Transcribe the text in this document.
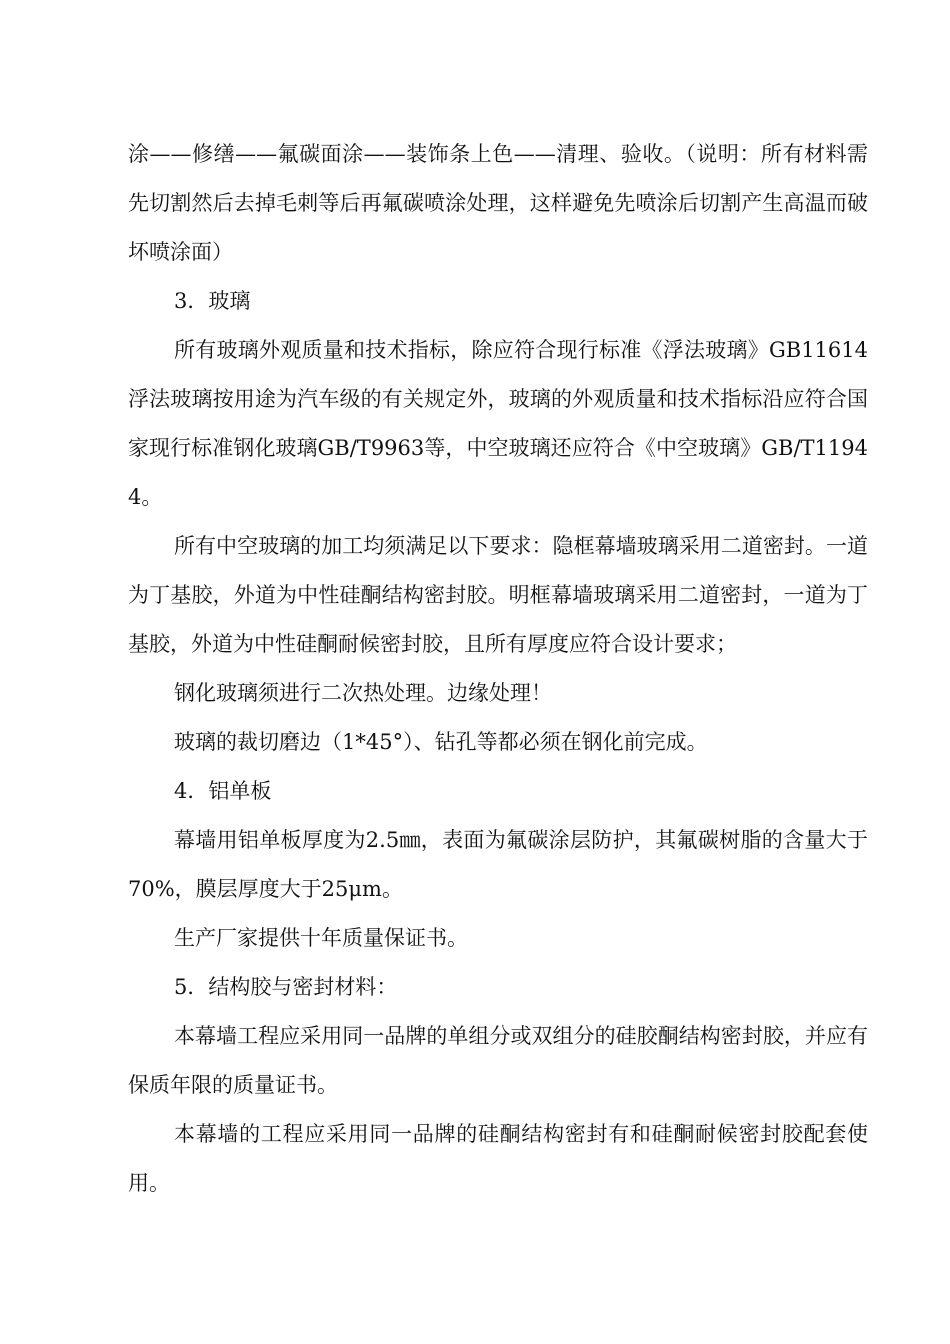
涂——修缮——氟碳面涂——装饰条上色——清理、验收。（说明：所有材料需先切割然后去掉毛刺等后再氟碳喷涂处理，这样避免先喷涂后切割产生高温而破坏喷涂面）

3．玻璃

所有玻璃外观质量和技术指标，除应符合现行标准《浮法玻璃》GB11614浮法玻璃按用途为汽车级的有关规定外，玻璃的外观质量和技术指标沿应符合国家现行标准钢化玻璃GB/T9963等，中空玻璃还应符合《中空玻璃》GB/T11944。

所有中空玻璃的加工均须满足以下要求：隐框幕墙玻璃采用二道密封。一道为丁基胶，外道为中性硅酮结构密封胶。明框幕墙玻璃采用二道密封，一道为丁基胶，外道为中性硅酮耐候密封胶，且所有厚度应符合设计要求；

钢化玻璃须进行二次热处理。边缘处理！

玻璃的裁切磨边（1*45°）、钻孔等都必须在钢化前完成。

4．铝单板

幕墙用铝单板厚度为2.5㎜，表面为氟碳涂层防护，其氟碳树脂的含量大于70%，膜层厚度大于25μm。

生产厂家提供十年质量保证书。

5．结构胶与密封材料：

本幕墙工程应采用同一品牌的单组分或双组分的硅胶酮结构密封胶，并应有保质年限的质量证书。

本幕墙的工程应采用同一品牌的硅酮结构密封有和硅酮耐候密封胶配套使用。
